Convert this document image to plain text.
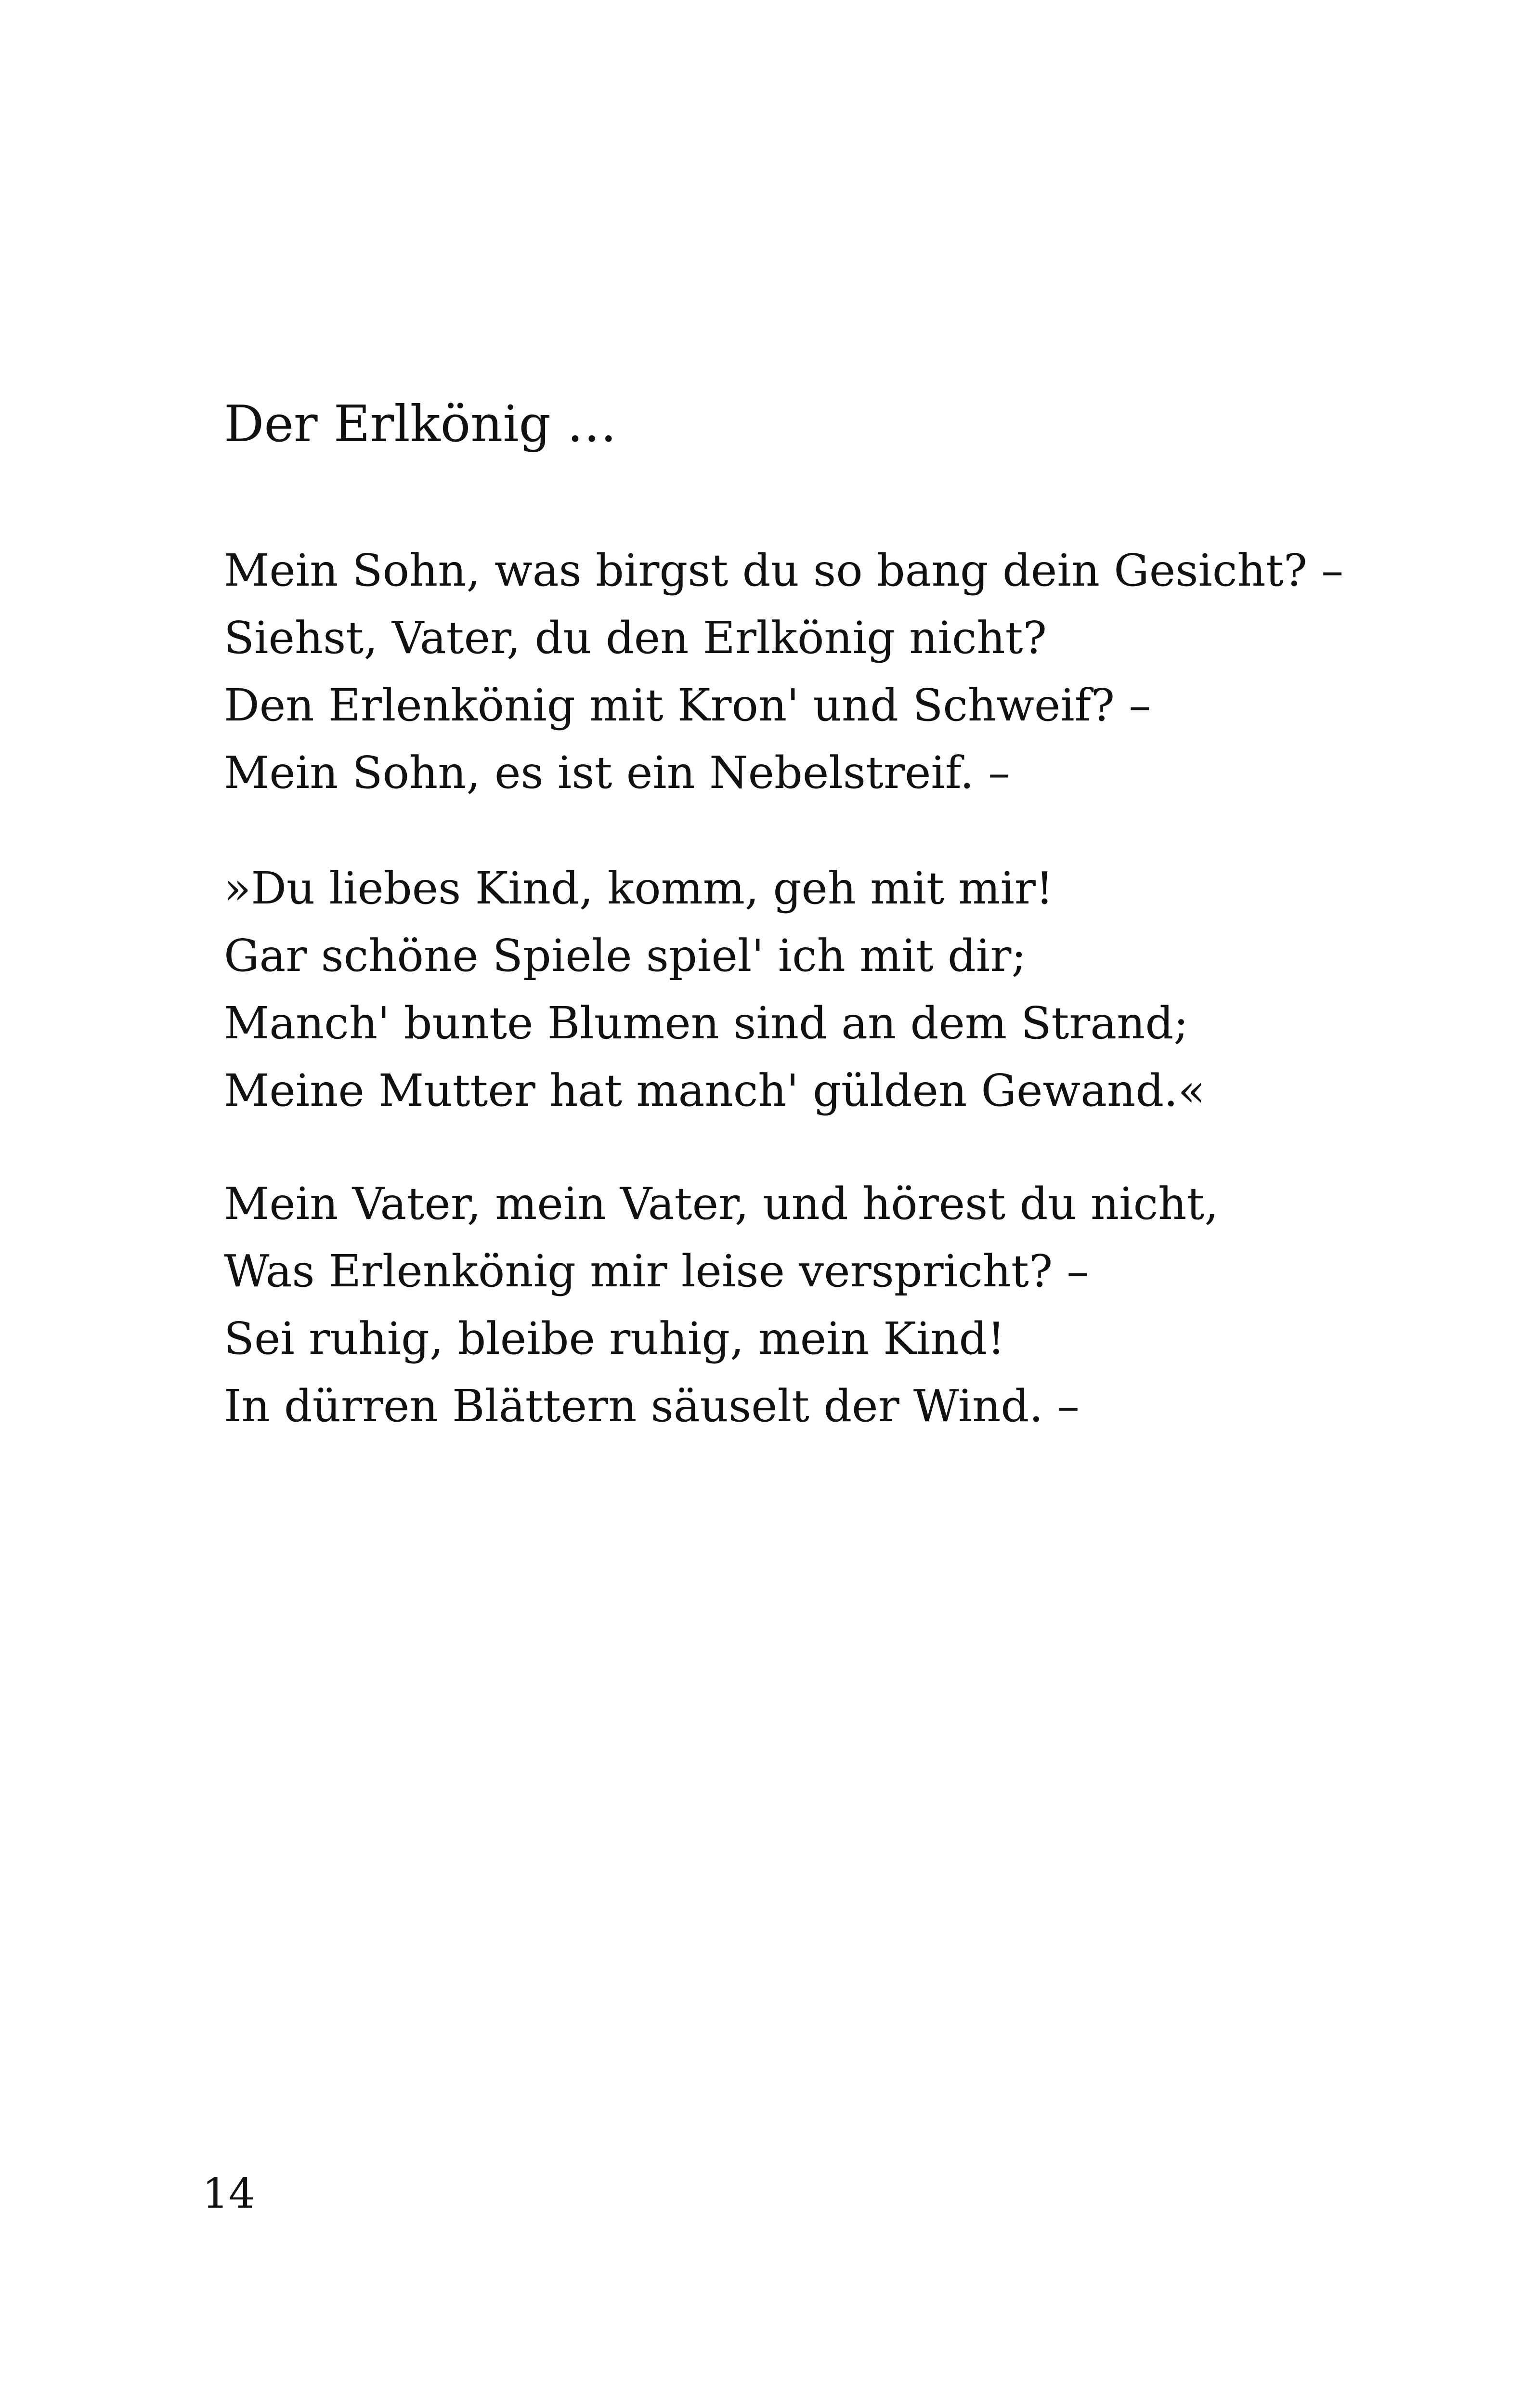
Der Erlkönig …
Mein Sohn, was birgst du so bang dein Gesicht? –
Siehst, Vater, du den Erlkönig nicht?
Den Erlenkönig mit Kron' und Schweif? –
Mein Sohn, es ist ein Nebelstreif. –
»Du liebes Kind, komm, geh mit mir!
Gar schöne Spiele spiel' ich mit dir;
Manch' bunte Blumen sind an dem Strand;
Meine Mutter hat manch' gülden Gewand.«
Mein Vater, mein Vater, und hörest du nicht,
Was Erlenkönig mir leise verspricht? –
Sei ruhig, bleibe ruhig, mein Kind!
In dürren Blättern säuselt der Wind. –
14
